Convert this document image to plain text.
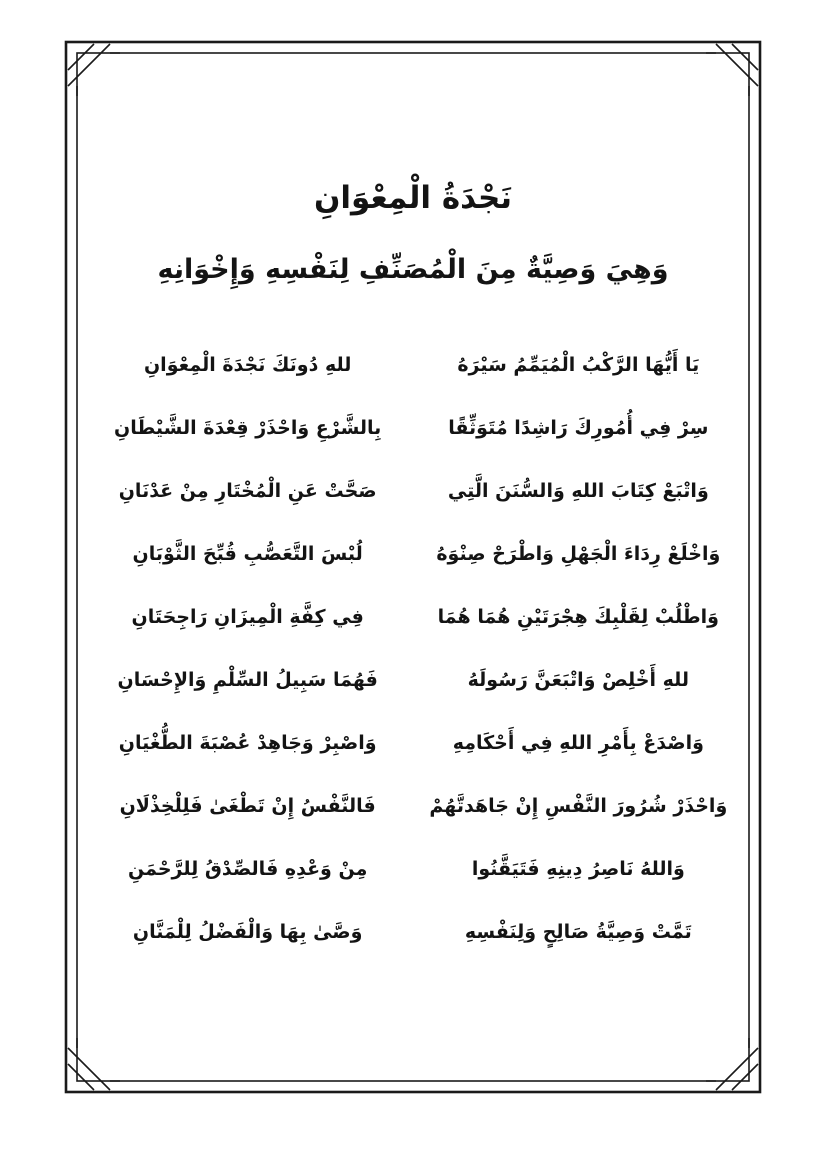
نَجْدَةُ الْمِعْوَانِ
وَهِيَ وَصِيَّةٌ مِنَ الْمُصَنِّفِ لِنَفْسِهِ وَإِخْوَانِهِ
يَا أَيُّهَا الرَّكْبُ الْمُيَمِّمُ سَيْرَهُ
للهِ دُونَكَ نَجْدَةَ الْمِعْوَانِ
سِرْ فِي أُمُورِكَ رَاشِدًا مُتَوَثِّقًا
بِالشَّرْعِ وَاحْذَرْ قِعْدَةَ الشَّيْطَانِ
وَاتْبَعْ كِتَابَ اللهِ وَالسُّنَنَ الَّتِي
صَحَّتْ عَنِ الْمُخْتَارِ مِنْ عَدْنَانِ
وَاخْلَعْ رِدَاءَ الْجَهْلِ وَاطْرَحْ صِنْوَهُ
لُبْسَ التَّعَصُّبِ قُبِّحَ الثَّوْبَانِ
وَاطْلُبْ لِقَلْبِكَ هِجْرَتَيْنِ هُمَا هُمَا
فِي كِفَّةِ الْمِيزَانِ رَاجِحَتَانِ
للهِ أَخْلِصْ وَاتْبَعَنَّ رَسُولَهُ
فَهُمَا سَبِيلُ السِّلْمِ وَالإِحْسَانِ
وَاصْدَعْ بِأَمْرِ اللهِ فِي أَحْكَامِهِ
وَاصْبِرْ وَجَاهِدْ عُصْبَةَ الطُّغْيَانِ
وَاحْذَرْ شُرُورَ النَّفْسِ إِنْ جَاهَدتَّهُمْ
فَالنَّفْسُ إِنْ تَطْغَىٰ فَلِلْخِذْلَانِ
وَاللهُ نَاصِرُ دِينِهِ فَتَيَقَّنُوا
مِنْ وَعْدِهِ فَالصِّدْقُ لِلرَّحْمَنِ
تَمَّتْ وَصِيَّةُ صَالِحٍ وَلِنَفْسِهِ
وَصَّىٰ بِهَا وَالْفَضْلُ لِلْمَنَّانِ
